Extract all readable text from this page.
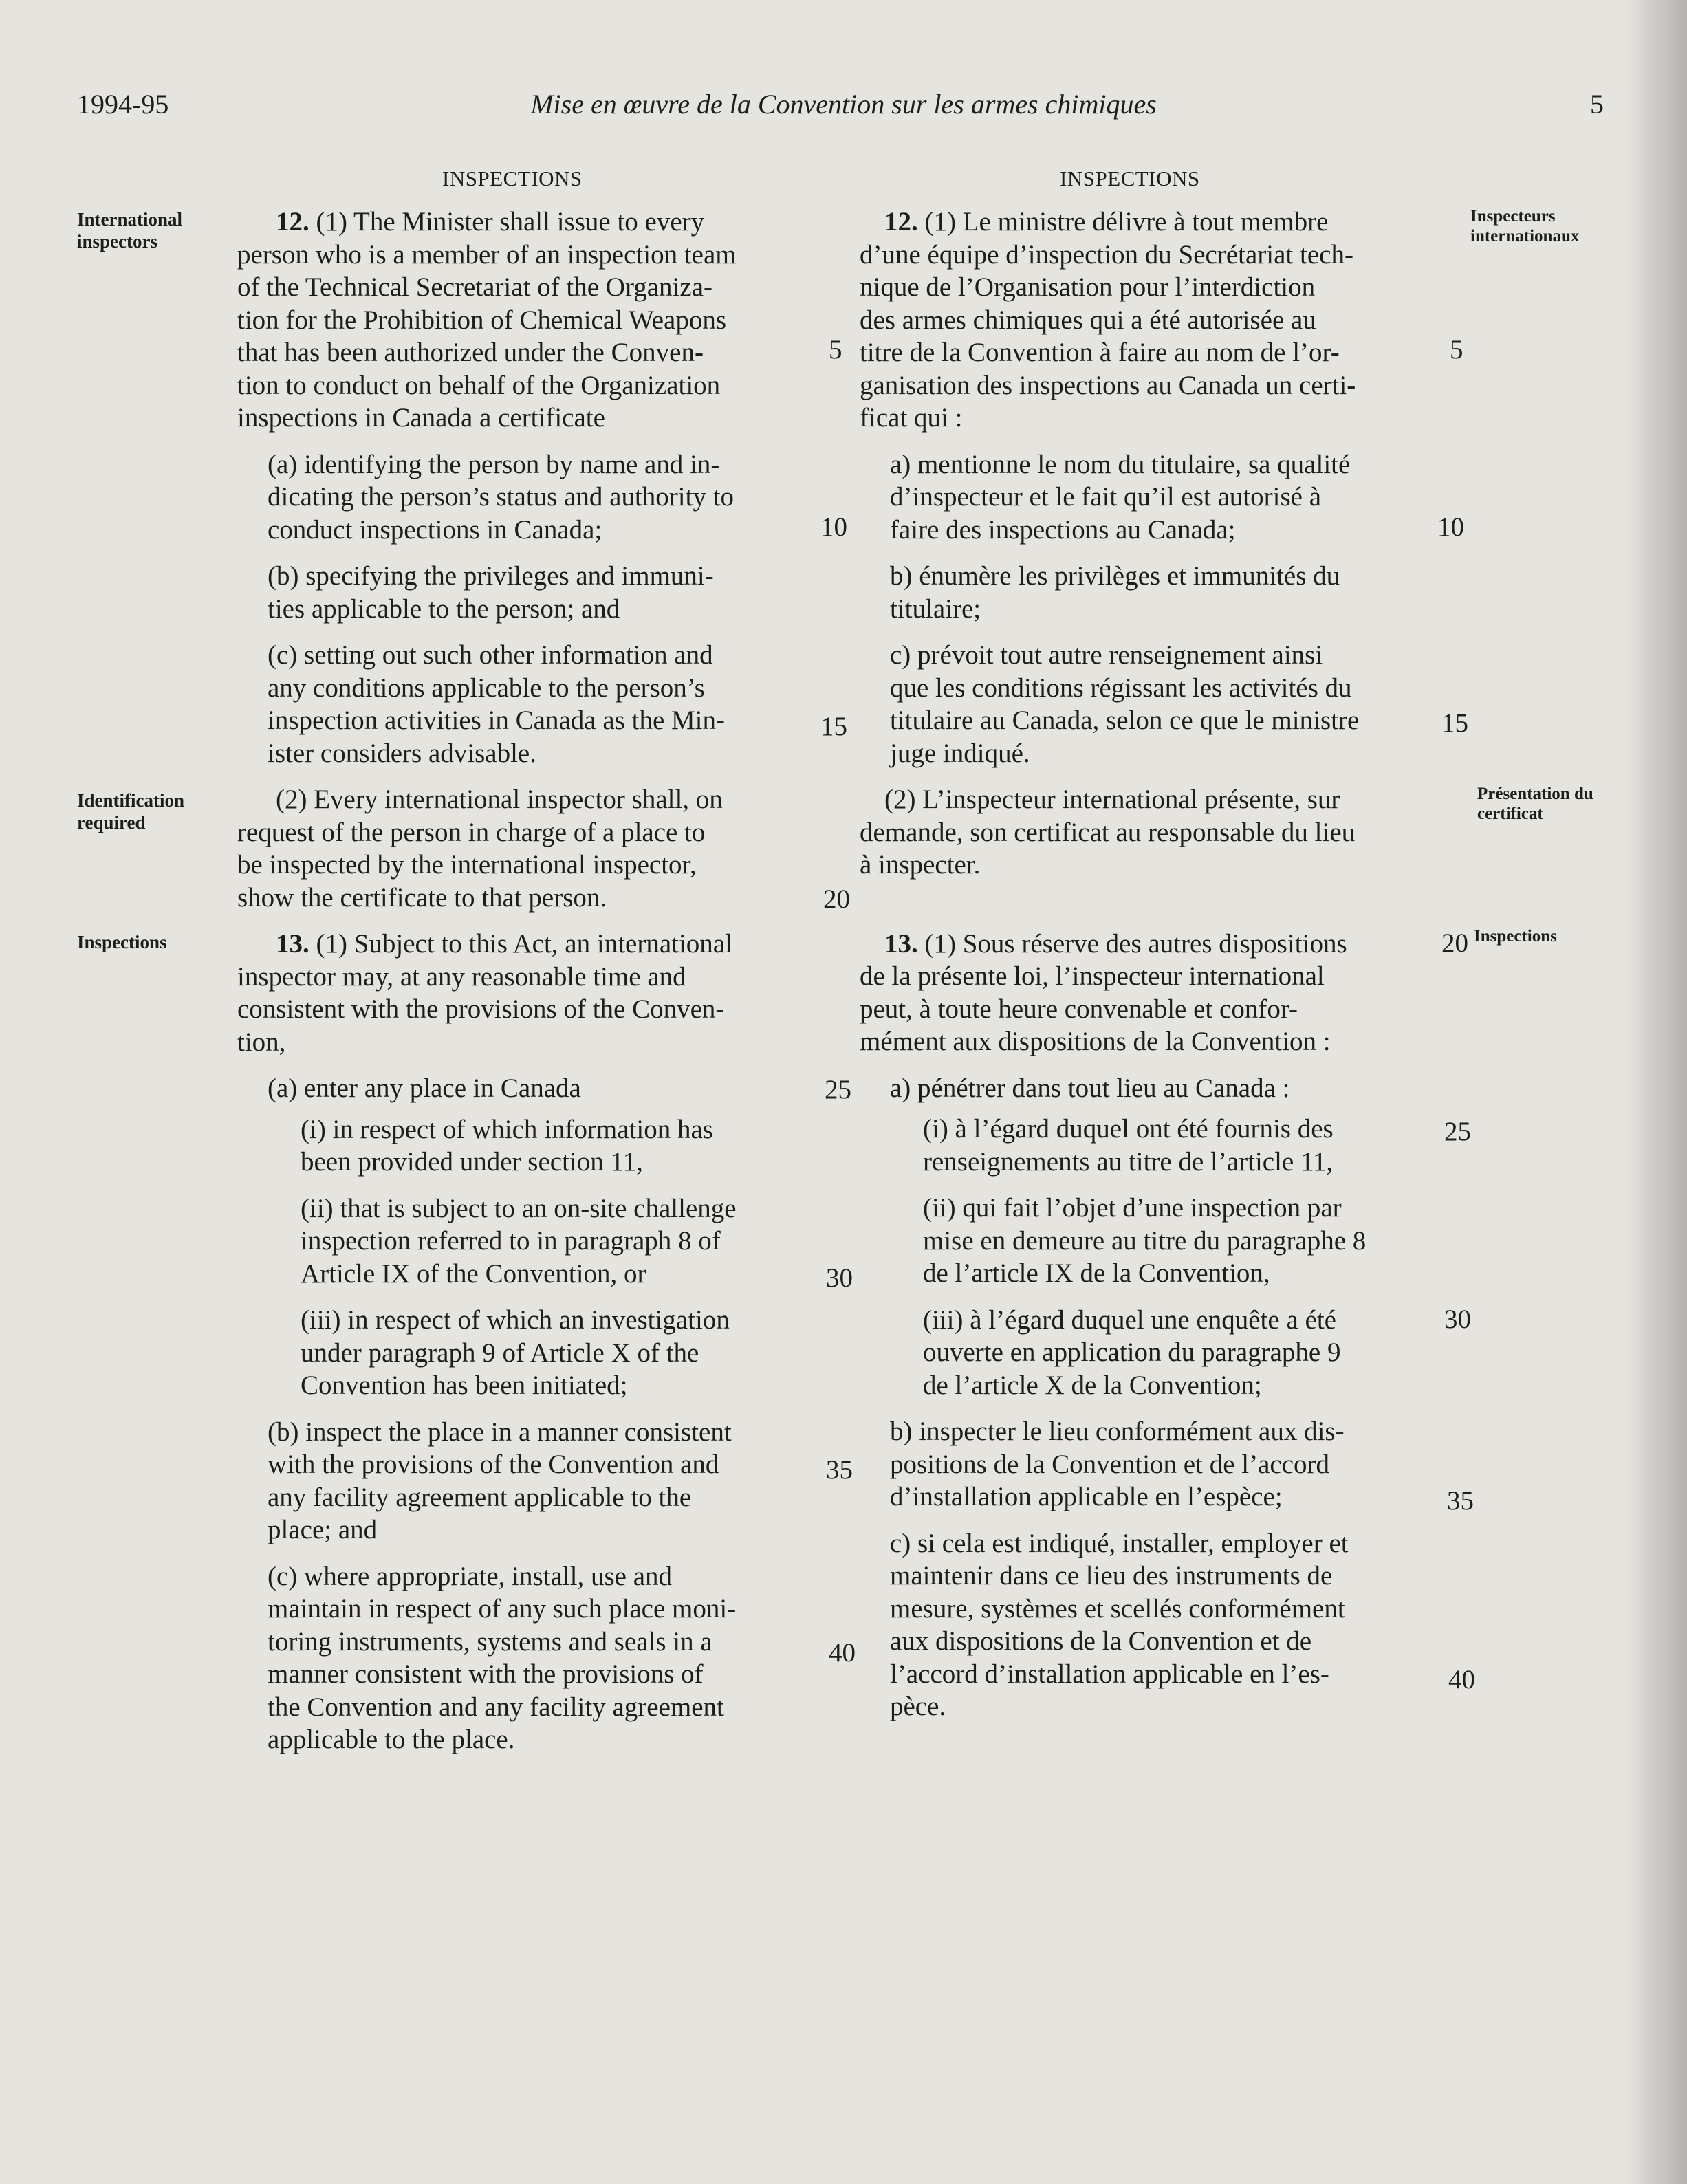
1994-95	Mise en œuvre de la Convention sur les armes chimiques	5
INSPECTIONS	INSPECTIONS
International
inspectors
Identification
required
Inspections
Inspecteurs
internationaux
Présentation du
certificat
Inspections

12. (1) The Minister shall issue to every
person who is a member of an inspection team
of the Technical Secretariat of the Organiza-
tion for the Prohibition of Chemical Weapons
that has been authorized under the Conven-
tion to conduct on behalf of the Organization
inspections in Canada a certificate

(a) identifying the person by name and in-
dicating the person’s status and authority to
conduct inspections in Canada;

(b) specifying the privileges and immuni-
ties applicable to the person; and

(c) setting out such other information and
any conditions applicable to the person’s
inspection activities in Canada as the Min-
ister considers advisable.

(2) Every international inspector shall, on
request of the person in charge of a place to
be inspected by the international inspector,
show the certificate to that person.

13. (1) Subject to this Act, an international
inspector may, at any reasonable time and
consistent with the provisions of the Conven-
tion,

(a) enter any place in Canada

(i) in respect of which information has
been provided under section 11,

(ii) that is subject to an on-site challenge
inspection referred to in paragraph 8 of
Article IX of the Convention, or

(iii) in respect of which an investigation
under paragraph 9 of Article X of the
Convention has been initiated;

(b) inspect the place in a manner consistent
with the provisions of the Convention and
any facility agreement applicable to the
place; and

(c) where appropriate, install, use and
maintain in respect of any such place moni-
toring instruments, systems and seals in a
manner consistent with the provisions of
the Convention and any facility agreement
applicable to the place.

12. (1) Le ministre délivre à tout membre
d’une équipe d’inspection du Secrétariat tech-
nique de l’Organisation pour l’interdiction
des armes chimiques qui a été autorisée au
titre de la Convention à faire au nom de l’or-
ganisation des inspections au Canada un certi-
ficat qui :

a) mentionne le nom du titulaire, sa qualité
d’inspecteur et le fait qu’il est autorisé à
faire des inspections au Canada;

b) énumère les privilèges et immunités du
titulaire;

c) prévoit tout autre renseignement ainsi
que les conditions régissant les activités du
titulaire au Canada, selon ce que le ministre
juge indiqué.

(2) L’inspecteur international présente, sur
demande, son certificat au responsable du lieu
à inspecter.

13. (1) Sous réserve des autres dispositions
de la présente loi, l’inspecteur international
peut, à toute heure convenable et confor-
mément aux dispositions de la Convention :

a) pénétrer dans tout lieu au Canada :

(i) à l’égard duquel ont été fournis des
renseignements au titre de l’article 11,

(ii) qui fait l’objet d’une inspection par
mise en demeure au titre du paragraphe 8
de l’article IX de la Convention,

(iii) à l’égard duquel une enquête a été
ouverte en application du paragraphe 9
de l’article X de la Convention;

b) inspecter le lieu conformément aux dis-
positions de la Convention et de l’accord
d’installation applicable en l’espèce;

c) si cela est indiqué, installer, employer et
maintenir dans ce lieu des instruments de
mesure, systèmes et scellés conformément
aux dispositions de la Convention et de
l’accord d’installation applicable en l’es-
pèce.

5
10
15
20
25
30
35
40
5
10
15
20
25
30
35
40
